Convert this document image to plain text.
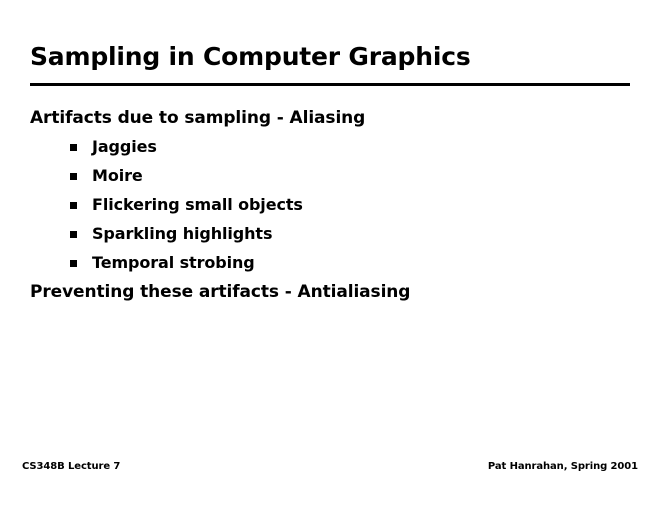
Sampling in Computer Graphics
Artifacts due to sampling - Aliasing
Jaggies
Moire
Flickering small objects
Sparkling highlights
Temporal strobing
Preventing these artifacts - Antialiasing
CS348B Lecture 7	Pat Hanrahan, Spring 2001
